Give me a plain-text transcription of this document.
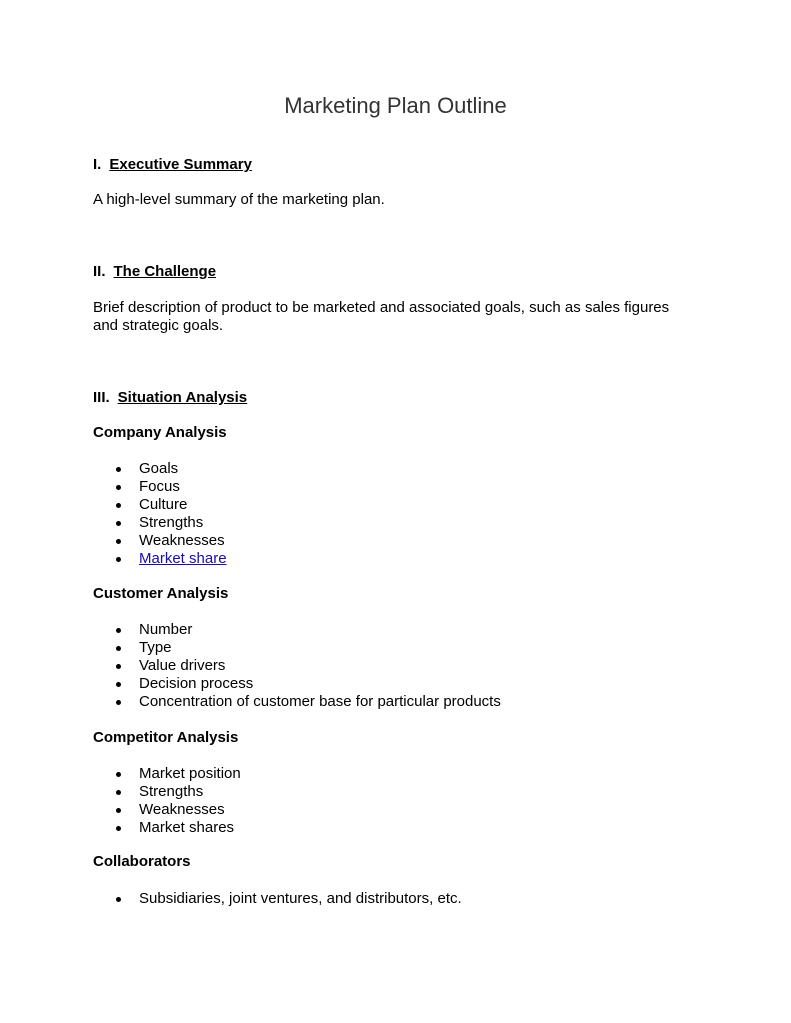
Marketing Plan Outline
I. Executive Summary
A high-level summary of the marketing plan.
II. The Challenge
Brief description of product to be marketed and associated goals, such as sales figures
and strategic goals.
III. Situation Analysis
Company Analysis
Goals
Focus
Culture
Strengths
Weaknesses
Market share
Customer Analysis
Number
Type
Value drivers
Decision process
Concentration of customer base for particular products
Competitor Analysis
Market position
Strengths
Weaknesses
Market shares
Collaborators
Subsidiaries, joint ventures, and distributors, etc.
